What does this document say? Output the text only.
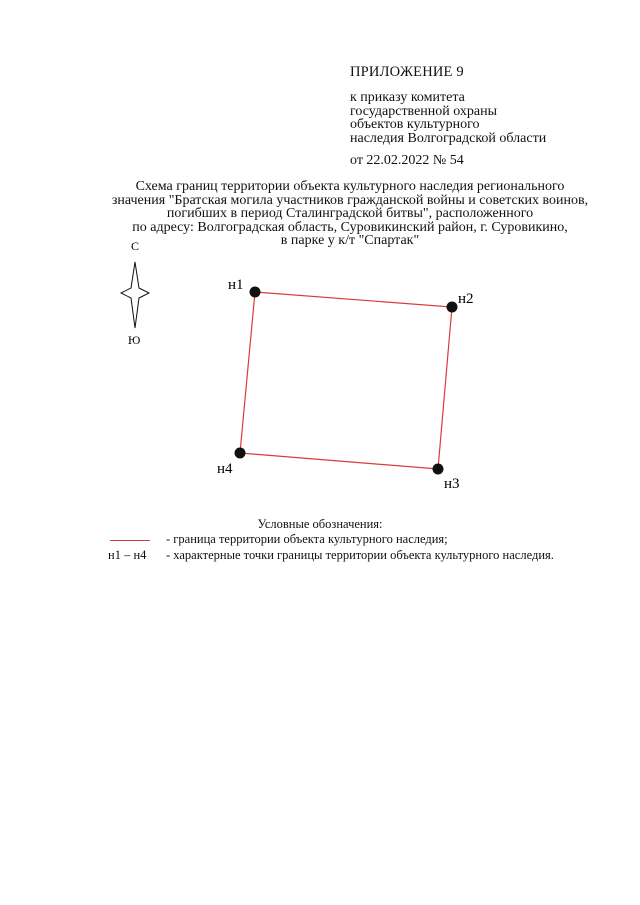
ПРИЛОЖЕНИЕ 9
к приказу комитета
государственной охраны
объектов культурного
наследия Волгоградской области
от 22.02.2022 № 54
Схема границ территории объекта культурного наследия регионального
значения "Братская могила участников гражданской войны и советских воинов,
погибших в период Сталинградской битвы", расположенного
по адресу: Волгоградская область, Суровикинский район, г. Суровикино,
в парке у к/т "Спартак"
С
Ю
н1
н2
н3
н4
Условные обозначения:
- граница территории объекта культурного наследия;
н1 – н4 - характерные точки границы территории объекта культурного наследия.
